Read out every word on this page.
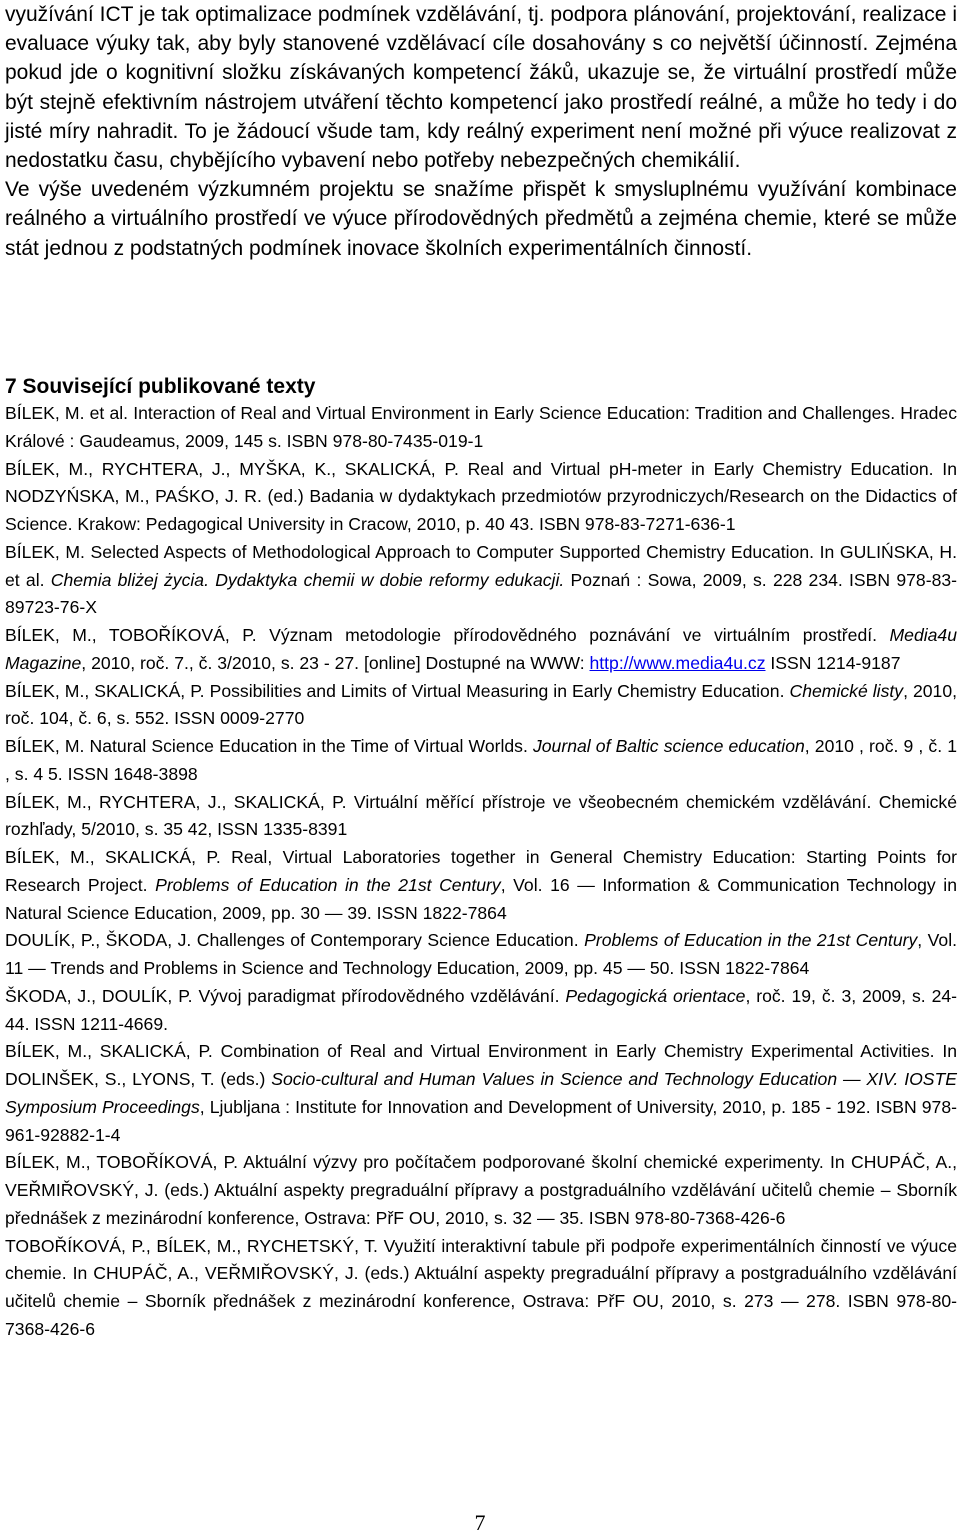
využívání ICT je tak optimalizace podmínek vzdělávání, tj. podpora plánování, projektování, realizace i evaluace výuky tak, aby byly stanovené vzdělávací cíle dosahovány s co největší účinností. Zejména pokud jde o kognitivní složku získávaných kompetencí žáků, ukazuje se, že virtuální prostředí může být stejně efektivním nástrojem utváření těchto kompetencí jako prostředí reálné, a může ho tedy i do jisté míry nahradit. To je žádoucí všude tam, kdy reálný experiment není možné při výuce realizovat z nedostatku času, chybějícího vybavení nebo potřeby nebezpečných chemikálií.

Ve výše uvedeném výzkumném projektu se snažíme přispět k smysluplnému využívání kombinace reálného a virtuálního prostředí ve výuce přírodovědných předmětů a zejména chemie, které se může stát jednou z podstatných podmínek inovace školních experimentálních činností.

7 Související publikované texty

BÍLEK, M. et al. Interaction of Real and Virtual Environment in Early Science Education: Tradition and Challenges. Hradec Králové : Gaudeamus, 2009, 145 s. ISBN 978-80-7435-019-1

BÍLEK, M., RYCHTERA, J., MYŠKA, K., SKALICKÁ, P. Real and Virtual pH-meter in Early Chemistry Education. In NODZYŃSKA, M., PAŚKO, J. R. (ed.) Badania w dydaktykach przedmiotów przyrodniczych/Research on the Didactics of Science. Krakow: Pedagogical University in Cracow, 2010, p. 40 43. ISBN 978-83-7271-636-1

BÍLEK, M. Selected Aspects of Methodological Approach to Computer Supported Chemistry Education. In GULIŃSKA, H. et al. Chemia bliżej życia. Dydaktyka chemii w dobie reformy edukacji. Poznań : Sowa, 2009, s. 228 234. ISBN 978-83-89723-76-X

BÍLEK, M., TOBOŘÍKOVÁ, P. Význam metodologie přírodovědného poznávání ve virtuálním prostředí. Media4u Magazine, 2010, roč. 7., č. 3/2010, s. 23 - 27. [online] Dostupné na WWW: http://www.media4u.cz ISSN 1214-9187

BÍLEK, M., SKALICKÁ, P. Possibilities and Limits of Virtual Measuring in Early Chemistry Education. Chemické listy, 2010, roč. 104, č. 6, s. 552. ISSN 0009-2770

BÍLEK, M. Natural Science Education in the Time of Virtual Worlds. Journal of Baltic science education, 2010 , roč. 9 , č. 1 , s. 4 5. ISSN 1648-3898

BÍLEK, M., RYCHTERA, J., SKALICKÁ, P. Virtuální měřící přístroje ve všeobecném chemickém vzdělávání. Chemické rozhľady, 5/2010, s. 35 42, ISSN 1335-8391

BÍLEK, M., SKALICKÁ, P. Real, Virtual Laboratories together in General Chemistry Education: Starting Points for Research Project. Problems of Education in the 21st Century, Vol. 16 — Information & Communication Technology in Natural Science Education, 2009, pp. 30 — 39. ISSN 1822-7864

DOULÍK, P., ŠKODA, J. Challenges of Contemporary Science Education. Problems of Education in the 21st Century, Vol. 11 — Trends and Problems in Science and Technology Education, 2009, pp. 45 — 50. ISSN 1822-7864

ŠKODA, J., DOULÍK, P. Vývoj paradigmat přírodovědného vzdělávání. Pedagogická orientace, roč. 19, č. 3, 2009, s. 24-44. ISSN 1211-4669.

BÍLEK, M., SKALICKÁ, P. Combination of Real and Virtual Environment in Early Chemistry Experimental Activities. In DOLINŠEK, S., LYONS, T. (eds.) Socio-cultural and Human Values in Science and Technology Education — XIV. IOSTE Symposium Proceedings, Ljubljana : Institute for Innovation and Development of University, 2010, p. 185 - 192. ISBN 978-961-92882-1-4

BÍLEK, M., TOBOŘÍKOVÁ, P. Aktuální výzvy pro počítačem podporované školní chemické experimenty. In CHUPÁČ, A., VEŘMIŘOVSKÝ, J. (eds.) Aktuální aspekty pregraduální přípravy a postgraduálního vzdělávání učitelů chemie – Sborník přednášek z mezinárodní konference, Ostrava: PřF OU, 2010, s. 32 — 35. ISBN 978-80-7368-426-6

TOBOŘÍKOVÁ, P., BÍLEK, M., RYCHETSKÝ, T. Využití interaktivní tabule při podpoře experimentálních činností ve výuce chemie. In CHUPÁČ, A., VEŘMIŘOVSKÝ, J. (eds.) Aktuální aspekty pregraduální přípravy a postgraduálního vzdělávání učitelů chemie – Sborník přednášek z mezinárodní konference, Ostrava: PřF OU, 2010, s. 273 — 278. ISBN 978-80-7368-426-6

7
